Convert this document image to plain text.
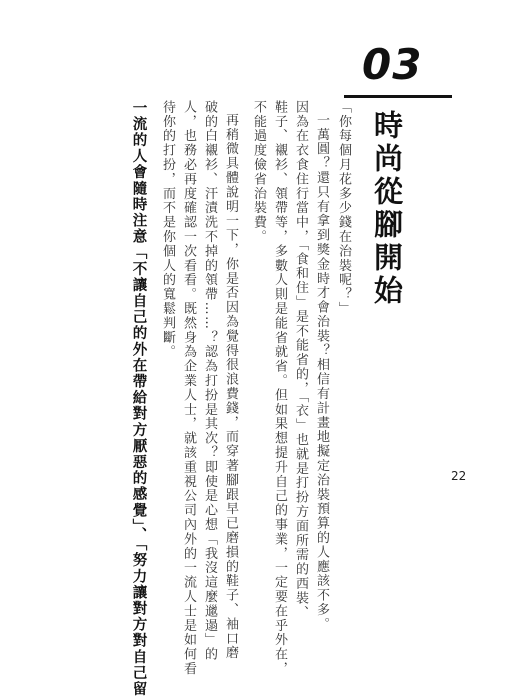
03
時尚從腳開始
「你每個月花多少錢在治裝呢？」
一萬圓？還只有拿到獎金時才會治裝？相信有計畫地擬定治裝預算的人應該不多。
因為在衣食住行當中，「食和住」是不能省的，「衣」也就是打扮方面所需的西裝、
鞋子、襯衫、領帶等，多數人則是能省就省。但如果想提升自己的事業，一定要在乎外在，
不能過度儉省治裝費。
再稍微具體說明一下，你是否因為覺得很浪費錢，而穿著腳跟早已磨損的鞋子、袖口磨
破的白襯衫、汗漬洗不掉的領帶……？認為打扮是其次？即使是心想「我沒這麼邋遢」的
人，也務必再度確認一次看看。既然身為企業人士，就該重視公司內外的一流人士是如何看
待你的打扮，而不是你個人的寬鬆判斷。
一流的人會隨時注意「不讓自己的外在帶給對方厭惡的感覺」、「努力讓對方對自己留	22
